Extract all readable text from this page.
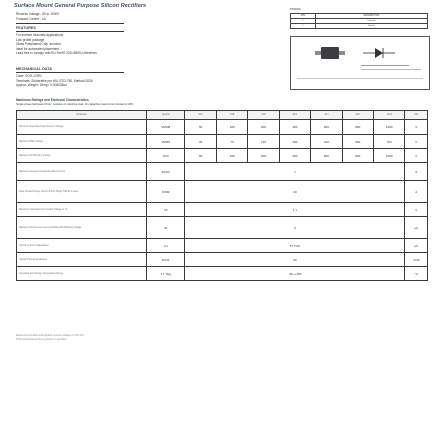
Surface Mount General Purpose Silicon Rectifiers
Reverse Voltage - 50 to 1000V
Forward Current - 1A
FEATURES
For surface mounted applications
Low profile package
Glass Passivated Chip Junction
Ideal for automated placement
Lead free in comply with EU RoHS 2011/65/EU directives
MECHANICAL DATA
Case: SOD-123FL
Terminals: Solderable per MIL-STD-750, Method 2026
Approx. Weight: 18mg / 0.000635oz
PINNING
PIN	DESCRIPTION
1	Cathode
2	Anode
Maximum Ratings and Electrical Characteristics
Single phase half-wave 60 Hz, resistive or inductive load, for capacitive load current derate by 20%
Parameter	Symbol	S1A	S1B	S1D	S1G	S1J	S1K	S1M	Unit
Maximum Repetitive Peak Reverse Voltage	VRRM	50	100	200	400	600	800	1000	V
Maximum RMS Voltage	VRMS	35	70	140	280	420	560	700	V
Maximum DC Blocking Voltage	VDC	50	100	200	400	600	800	1000	V
Maximum Average Forward Rectified Current	IF(AV)	1							A
Peak Forward Surge Current 8.3ms Single Half Sine-wave	IFSM	30							A
Maximum Instantaneous Forward Voltage at 1A	VF	1.1							V
Maximum DC Reverse Current at Rated DC Blocking Voltage	IR	5							uA
Typical Junction Capacitance	CJ	8 (TYP)							pF
Typical Thermal Resistance	RθJA	50							°C/W
Operating and Storage Temperature Range	TJ, Tstg	-55~+150							°C
Measured at 1MHz and applied reverse voltage of 4.0V DC
Thermal resistance from junction to ambient
